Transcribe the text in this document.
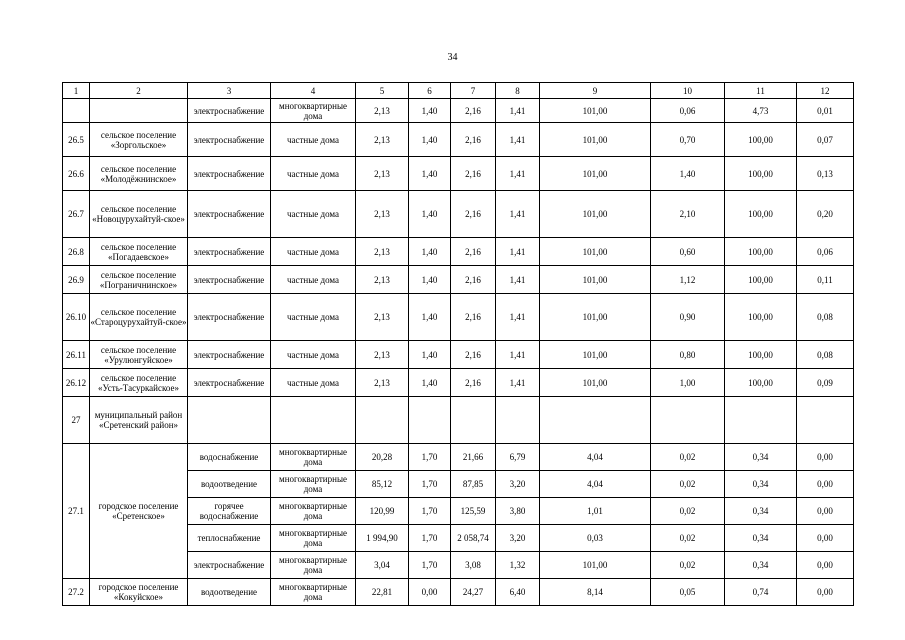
34
1	2	3	4	5	6	7	8	9	10	11	12
		электроснабжение	многоквартирные дома	2,13	1,40	2,16	1,41	101,00	0,06	4,73	0,01
26.5	сельское поселение «Зоргольское»	электроснабжение	частные дома	2,13	1,40	2,16	1,41	101,00	0,70	100,00	0,07
26.6	сельское поселение «Молодёжнинское»	электроснабжение	частные дома	2,13	1,40	2,16	1,41	101,00	1,40	100,00	0,13
26.7	сельское поселение «Новоцурухайтуй-ское»	электроснабжение	частные дома	2,13	1,40	2,16	1,41	101,00	2,10	100,00	0,20
26.8	сельское поселение «Погадаевское»	электроснабжение	частные дома	2,13	1,40	2,16	1,41	101,00	0,60	100,00	0,06
26.9	сельское поселение «Пограничнинское»	электроснабжение	частные дома	2,13	1,40	2,16	1,41	101,00	1,12	100,00	0,11
26.10	сельское поселение «Староцурухайтуй-ское»	электроснабжение	частные дома	2,13	1,40	2,16	1,41	101,00	0,90	100,00	0,08
26.11	сельское поселение «Урулюнгуйское»	электроснабжение	частные дома	2,13	1,40	2,16	1,41	101,00	0,80	100,00	0,08
26.12	сельское поселение «Усть-Тасуркайское»	электроснабжение	частные дома	2,13	1,40	2,16	1,41	101,00	1,00	100,00	0,09
27	муниципальный район «Сретенский район»										
27.1	городское поселение «Сретенское»	водоснабжение	многоквартирные дома	20,28	1,70	21,66	6,79	4,04	0,02	0,34	0,00
		водоотведение	многоквартирные дома	85,12	1,70	87,85	3,20	4,04	0,02	0,34	0,00
		горячее водоснабжение	многоквартирные дома	120,99	1,70	125,59	3,80	1,01	0,02	0,34	0,00
		теплоснабжение	многоквартирные дома	1 994,90	1,70	2 058,74	3,20	0,03	0,02	0,34	0,00
		электроснабжение	многоквартирные дома	3,04	1,70	3,08	1,32	101,00	0,02	0,34	0,00
27.2	городское поселение «Кокуйское»	водоотведение	многоквартирные дома	22,81	0,00	24,27	6,40	8,14	0,05	0,74	0,00
